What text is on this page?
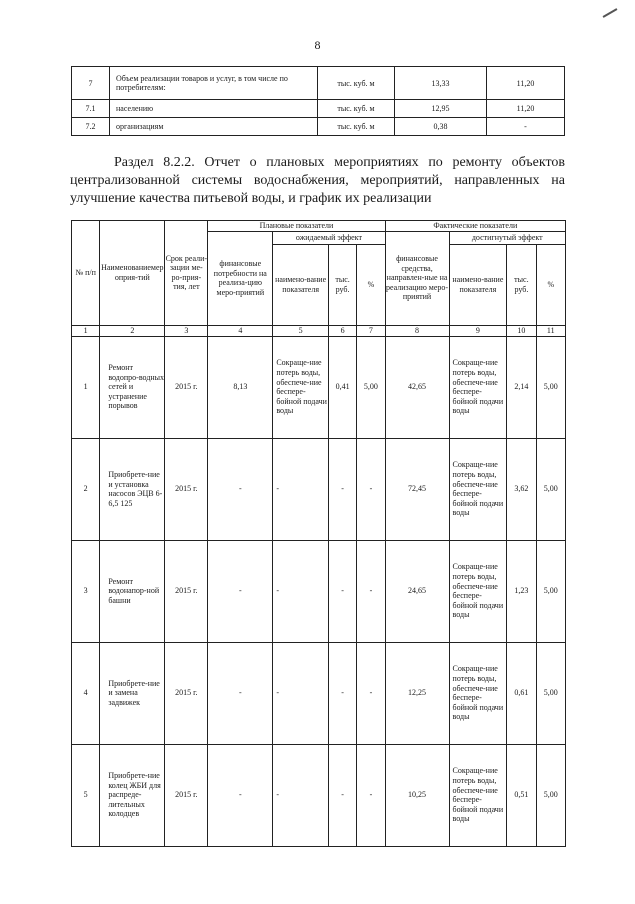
8
7	Объем реализации товаров и услуг, в том числе по потребителям:	тыс. куб. м	13,33	11,20
7.1	населению	тыс. куб. м	12,95	11,20
7.2	организациям	тыс. куб. м	0,38	-

Раздел 8.2.2. Отчет о плановых мероприятиях по ремонту объектов централизованной системы водоснабжения, мероприятий, направленных на улучшение качества питьевой воды, и график их реализации

№ п/п	Наименованиемероприя-тий	Срок реали-зации ме-ро-прия-тия, лет	Плановые показатели				Фактические показатели			
			финансовые потребности на реализа-цию меро-приятий	ожидаемый эффект			финансовые средства, направлен-ные на реализацию меро-приятий	достигнутый эффект		
				наимено-вание показателя	тыс. руб.	%		наимено-вание показателя	тыс. руб.	%
1	2	3	4	5	6	7	8	9	10	11
1	Ремонт водопро-водных сетей и устранение порывов	2015 г.	8,13	Сокраще-ние потерь воды, обеспече-ние беспере-бойной подачи воды	0,41	5,00	42,65	Сокраще-ние потерь воды, обеспече-ние беспере-бойной подачи воды	2,14	5,00
2	Приобрете-ние и установка насосов ЭЦВ 6-6,5 125	2015 г.	-	-	-	-	72,45	Сокраще-ние потерь воды, обеспече-ние беспере-бойной подачи воды	3,62	5,00
3	Ремонт водонапор-ной башни	2015 г.	-	-	-	-	24,65	Сокраще-ние потерь воды, обеспече-ние беспере-бойной подачи воды	1,23	5,00
4	Приобрете-ние и замена задвижек	2015 г.	-	-	-	-	12,25	Сокраще-ние потерь воды, обеспече-ние беспере-бойной подачи воды	0,61	5,00
5	Приобрете-ние колец ЖБИ для распреде-лительных колодцев	2015 г.	-	-	-	-	10,25	Сокраще-ние потерь воды, обеспече-ние беспере-бойной подачи воды	0,51	5,00
